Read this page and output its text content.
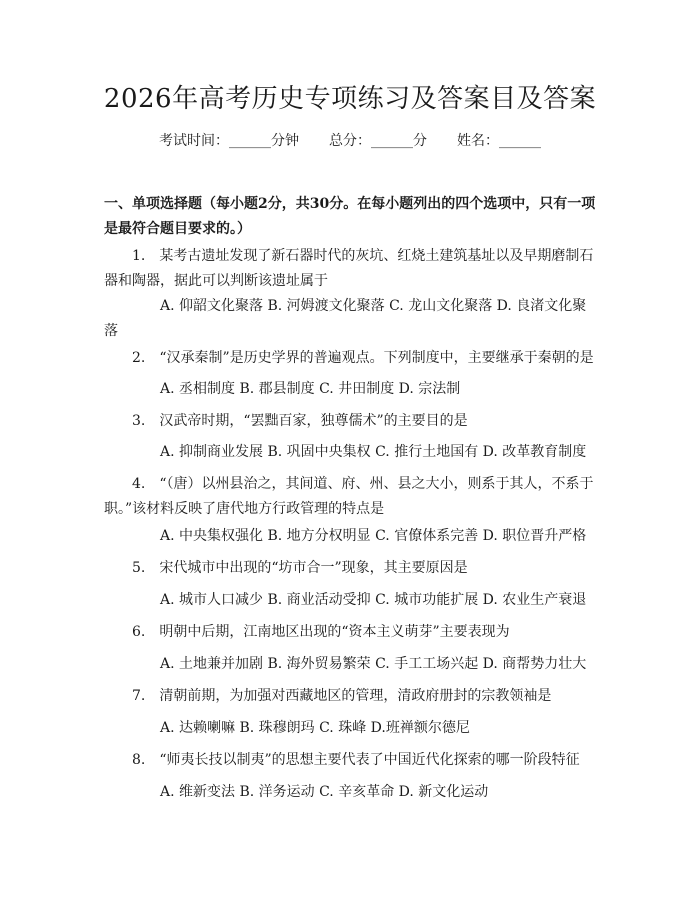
2026年高考历史专项练习及答案目及答案
考试时间：______分钟 总分：______分 姓名：______

一、单项选择题（每小题2分，共30分。在每小题列出的四个选项中，只有一项是最符合题目要求的。）

1.　某考古遗址发现了新石器时代的灰坑、红烧土建筑基址以及早期磨制石器和陶器，据此可以判断该遗址属于

A. 仰韶文化聚落 B. 河姆渡文化聚落 C. 龙山文化聚落 D. 良渚文化聚落

2.　“汉承秦制”是历史学界的普遍观点。下列制度中，主要继承于秦朝的是

A. 丞相制度 B. 郡县制度 C. 井田制度 D. 宗法制

3.　汉武帝时期，“罢黜百家，独尊儒术”的主要目的是

A. 抑制商业发展 B. 巩固中央集权 C. 推行土地国有 D. 改革教育制度

4.　“（唐）以州县治之，其间道、府、州、县之大小，则系于其人，不系于职。”该材料反映了唐代地方行政管理的特点是

A. 中央集权强化 B. 地方分权明显 C. 官僚体系完善 D. 职位晋升严格

5.　宋代城市中出现的“坊市合一”现象，其主要原因是

A. 城市人口减少 B. 商业活动受抑 C. 城市功能扩展 D. 农业生产衰退

6.　明朝中后期，江南地区出现的“资本主义萌芽”主要表现为

A. 土地兼并加剧 B. 海外贸易繁荣 C. 手工工场兴起 D. 商帮势力壮大

7.　清朝前期，为加强对西藏地区的管理，清政府册封的宗教领袖是

A. 达赖喇嘛 B. 珠穆朗玛 C. 珠峰 D.班禅额尔德尼

8.　“师夷长技以制夷”的思想主要代表了中国近代化探索的哪一阶段特征

A. 维新变法 B. 洋务运动 C. 辛亥革命 D. 新文化运动
